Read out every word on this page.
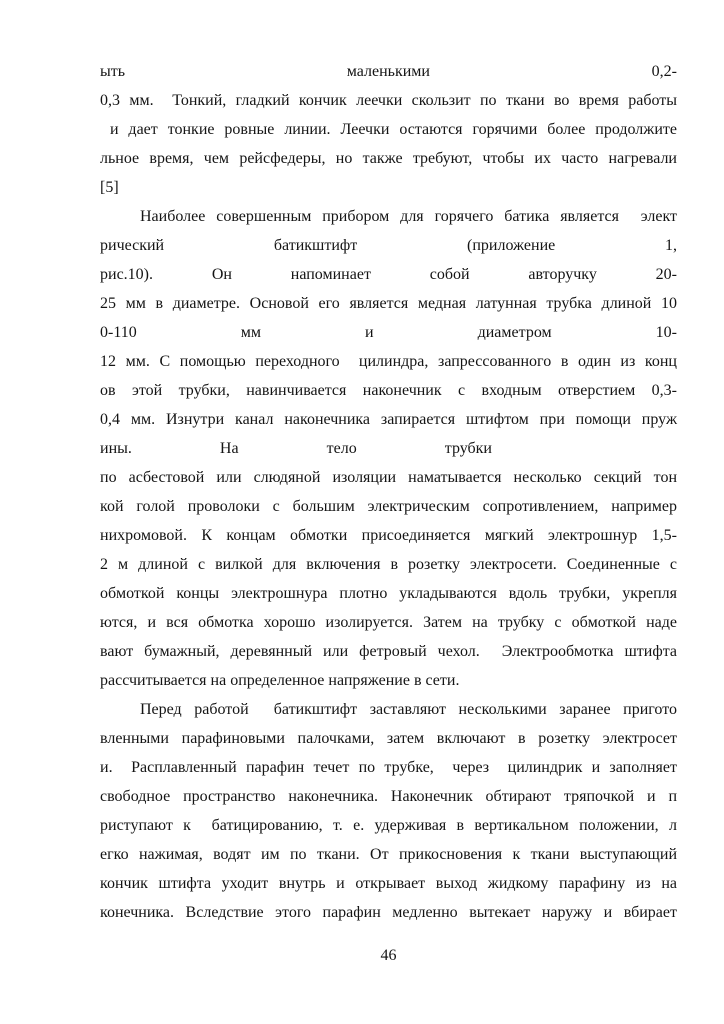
ыть маленькими 0,2-
0,3 мм.  Тонкий, гладкий кончик леечки скользит по ткани во время работы
и дает тонкие ровные линии. Леечки остаются горячими более продолжите
льное время, чем рейсфедеры, но также требуют, чтобы их часто нагревали
[5]
Наиболее совершенным прибором для горячего батика является  элект
рический батикштифт (приложение 1,
рис.10). Он напоминает собой авторучку 20-
25 мм в диаметре. Основой его является медная латунная трубка длиной 10
0-110 мм и диаметром 10-
12 мм. С помощью переходного  цилиндра, запрессованного в один из конц
ов  этой  трубки,  навинчивается  наконечник  с  входным  отверстием  0,3-
0,4 мм. Изнутри канал наконечника запирается штифтом при помощи пруж
ины. На тело трубки
по асбестовой или слюдяной изоляции наматывается несколько секций тон
кой голой проволоки с большим электрическим сопротивлением, например
нихромовой.  К  концам  обмотки  присоединяется  мягкий  электрошнур  1,5-
2 м длиной с вилкой для включения в розетку электросети. Соединенные с
обмоткой концы электрошнура плотно укладываются вдоль трубки, укрепля
ются, и вся обмотка хорошо изолируется. Затем на трубку с обмоткой наде
вают бумажный, деревянный или фетровый чехол.  Электрообмотка штифта
рассчитывается на определенное напряжение в сети.
Перед работой  батикштифт заставляют несколькими заранее пригото
вленными парафиновыми палочками, затем включают в розетку электросет
и.  Расплавленный парафин течет по трубке,  через  цилиндрик и заполняет
свободное пространство наконечника. Наконечник обтирают тряпочкой и п
риступают к  батицированию, т. е. удерживая в вертикальном положении, л
егко нажимая, водят им по ткани. От прикосновения к ткани выступающий
кончик штифта уходит внутрь и открывает выход жидкому парафину из на
конечника. Вследствие этого парафин медленно вытекает наружу и вбирает
46
